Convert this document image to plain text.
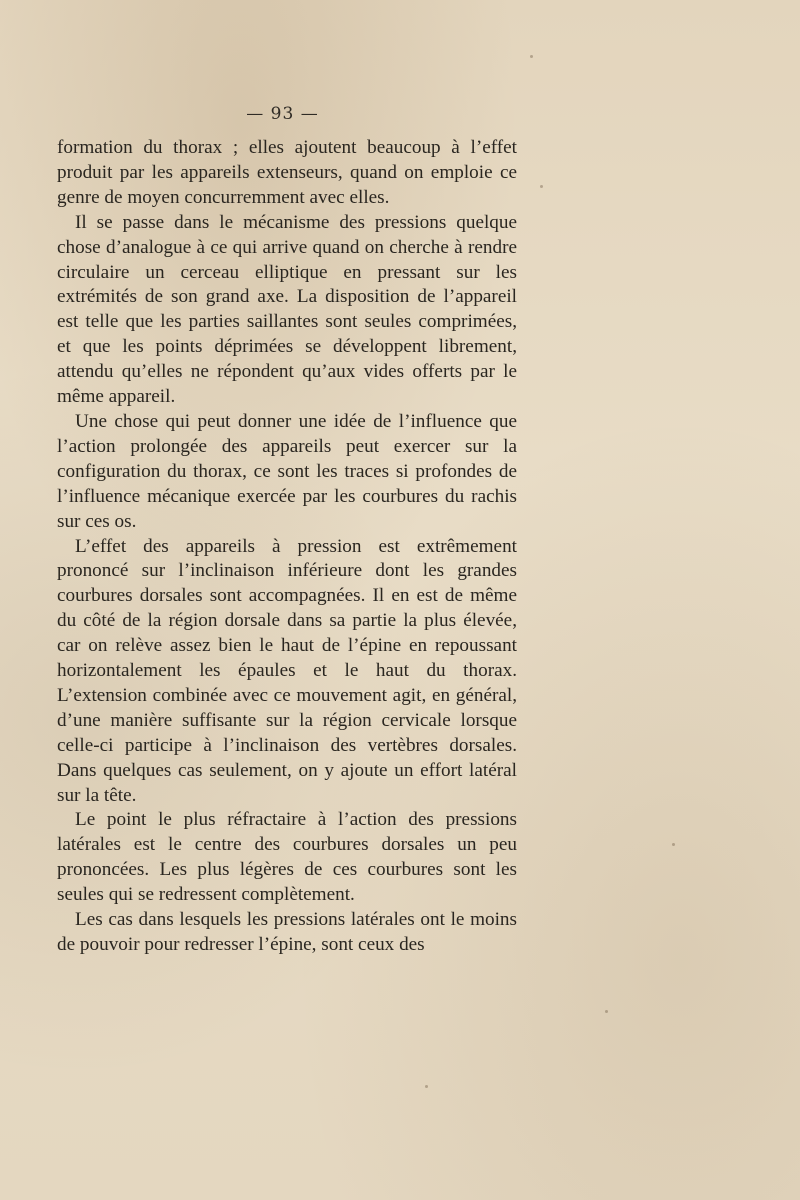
— 93 —

formation du thorax ; elles ajoutent beaucoup à l’effet produit par les appareils extenseurs, quand on emploie ce genre de moyen concurremment avec elles.

Il se passe dans le mécanisme des pressions quelque chose d’analogue à ce qui arrive quand on cherche à rendre circulaire un cerceau elliptique en pressant sur les extrémités de son grand axe. La disposition de l’appareil est telle que les parties saillantes sont seules comprimées, et que les points déprimées se développent librement, attendu qu’elles ne répondent qu’aux vides offerts par le même appareil.

Une chose qui peut donner une idée de l’influence que l’action prolongée des appareils peut exercer sur la configuration du thorax, ce sont les traces si profondes de l’influence mécanique exercée par les courbures du rachis sur ces os.

L’effet des appareils à pression est extrêmement prononcé sur l’inclinaison inférieure dont les grandes courbures dorsales sont accompagnées. Il en est de même du côté de la région dorsale dans sa partie la plus élevée, car on relève assez bien le haut de l’épine en repoussant horizontalement les épaules et le haut du thorax. L’extension combinée avec ce mouvement agit, en général, d’une manière suffisante sur la région cervicale lorsque celle-ci participe à l’inclinaison des vertèbres dorsales. Dans quelques cas seulement, on y ajoute un effort latéral sur la tête.

Le point le plus réfractaire à l’action des pressions latérales est le centre des courbures dorsales un peu prononcées. Les plus légères de ces courbures sont les seules qui se redressent complètement.

Les cas dans lesquels les pressions latérales ont le moins de pouvoir pour redresser l’épine, sont ceux des
